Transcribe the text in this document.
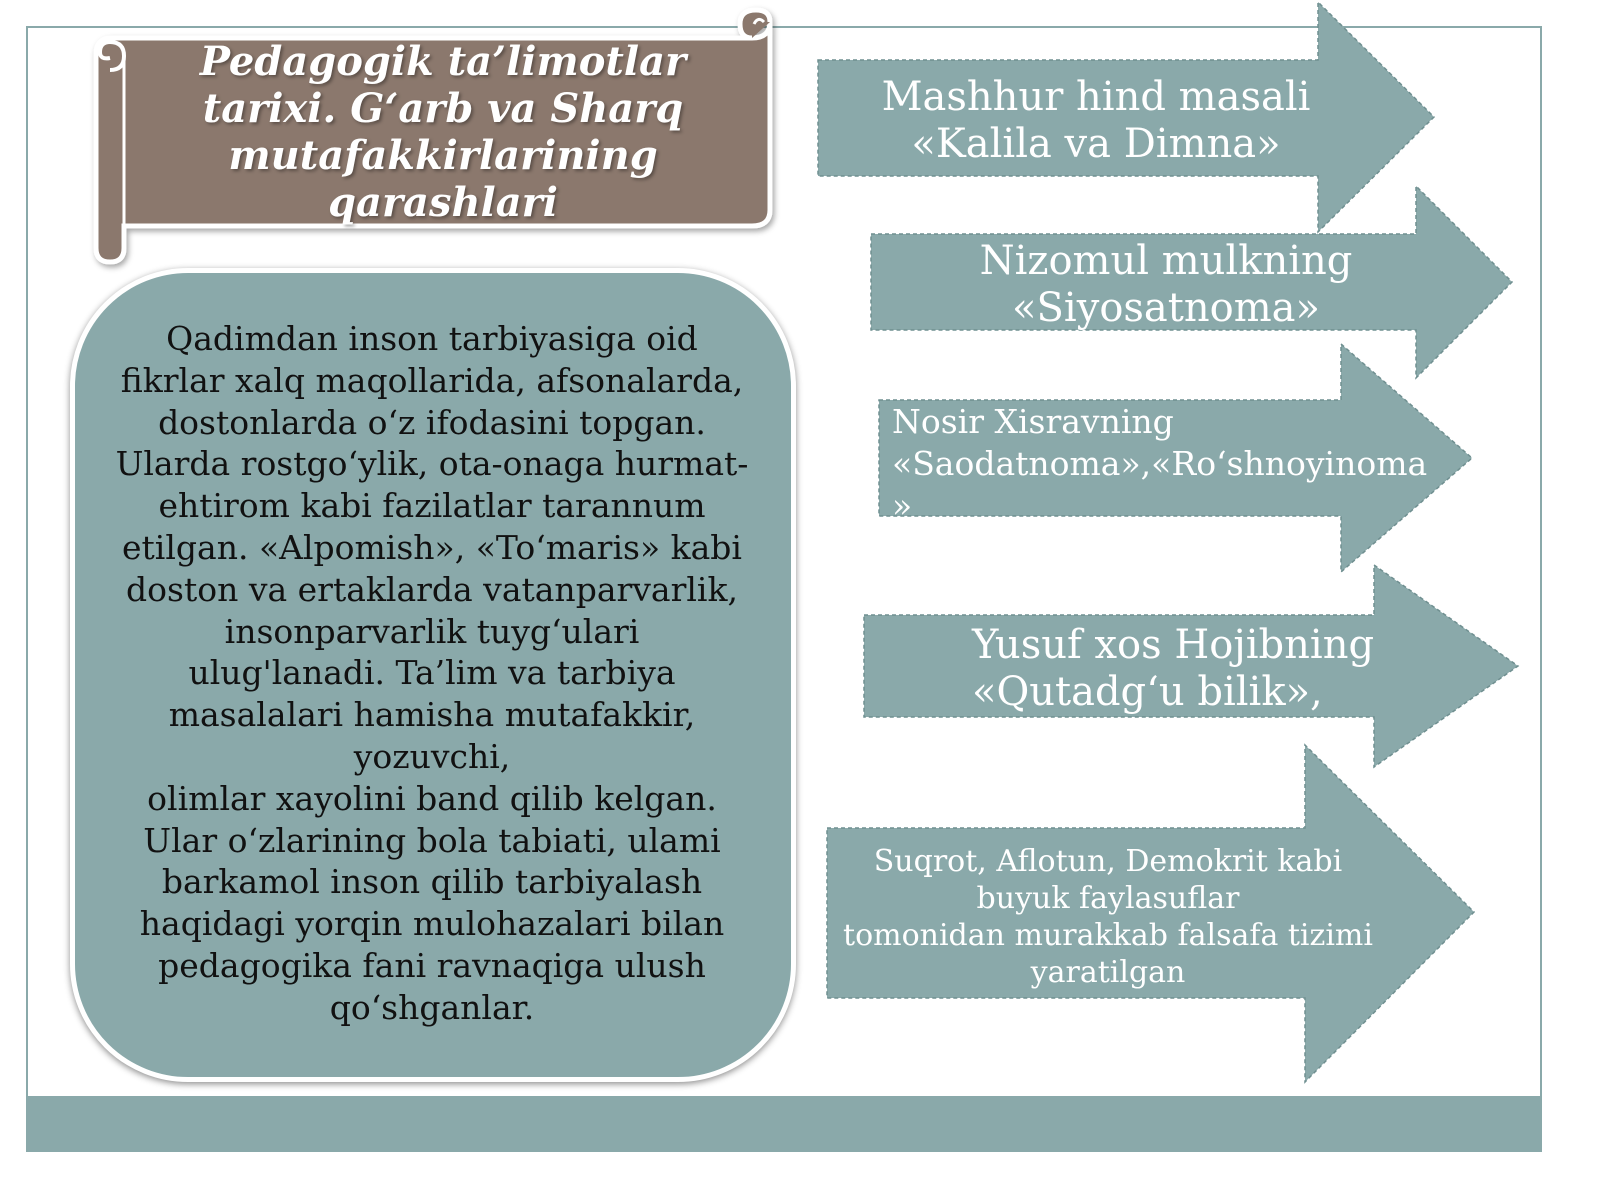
Pedagogik ta’limotlar tarixi. G‘arb va Sharq mutafakkirlarining qarashlari
Qadimdan inson tarbiyasiga oid
fikrlar xalq maqollarida, afsonalarda,
dostonlarda o‘z ifodasini topgan.
Ularda rostgo‘ylik, ota-onaga hurmat-
ehtirom kabi fazilatlar tarannum
etilgan. «Alpomish», «To‘maris» kabi
doston va ertaklarda vatanparvarlik,
insonparvarlik tuyg‘ulari
ulug'lanadi. Ta’lim va tarbiya
masalalari hamisha mutafakkir,
yozuvchi,
olimlar xayolini band qilib kelgan.
Ular o‘zlarining bola tabiati, ulami
barkamol inson qilib tarbiyalash
haqidagi yorqin mulohazalari bilan
pedagogika fani ravnaqiga ulush
qo‘shganlar.
Mashhur hind masali
«Kalila va Dimna»
Nizomul mulkning
«Siyosatnoma»
Nosir Xisravning
«Saodatnoma»,«Ro‘shnoyinoma
»
Yusuf xos Hojibning
«Qutadg‘u bilik»,
Suqrot, Aflotun, Demokrit kabi
buyuk faylasuflar
tomonidan murakkab falsafa tizimi
yaratilgan
